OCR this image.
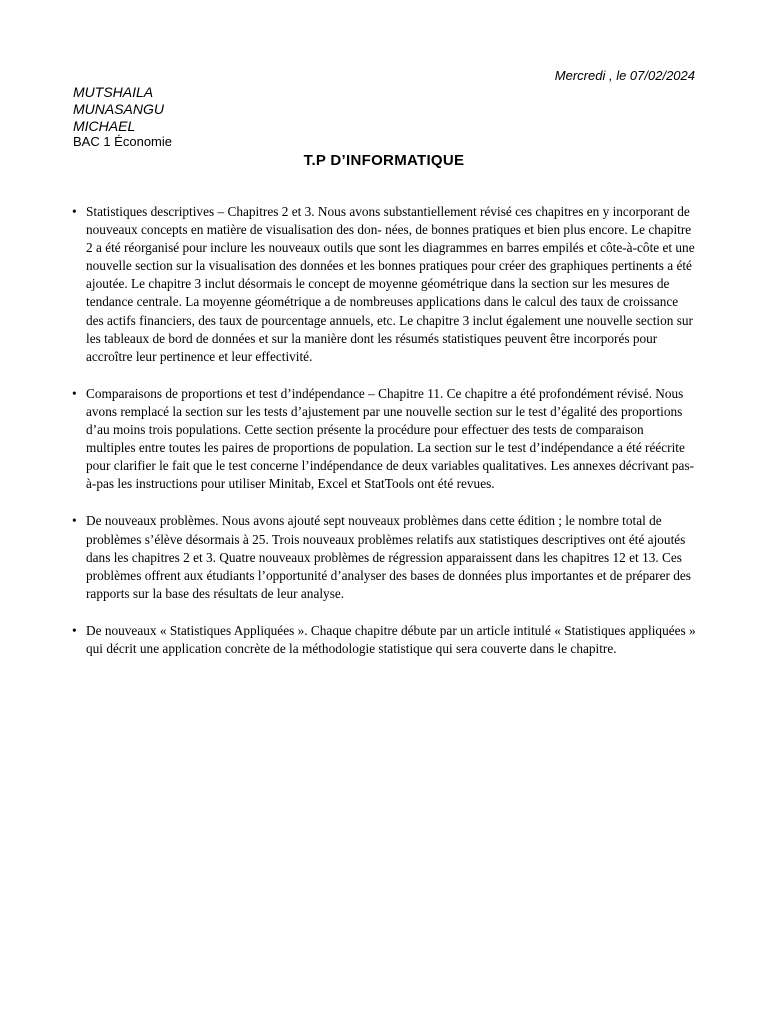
Mercredi , le 07/02/2024

MUTSHAILA
MUNASANGU
MICHAEL

BAC 1 Économie

T.P D’INFORMATIQUE
• Statistiques descriptives – Chapitres 2 et 3. Nous avons substantiellement révisé ces chapitres en y incorporant de nouveaux concepts en matière de visualisation des don- nées, de bonnes pratiques et bien plus encore. Le chapitre 2 a été réorganisé pour inclure les nouveaux outils que sont les diagrammes en barres empilés et côte-à-côte et une nouvelle section sur la visualisation des données et les bonnes pratiques pour créer des graphiques pertinents a été ajoutée. Le chapitre 3 inclut désormais le concept de moyenne géométrique dans la section sur les mesures de tendance centrale. La moyenne géométrique a de nombreuses applications dans le calcul des taux de croissance des actifs financiers, des taux de pourcentage annuels, etc. Le chapitre 3 inclut également une nouvelle section sur les tableaux de bord de données et sur la manière dont les résumés statistiques peuvent être incorporés pour accroître leur pertinence et leur effectivité.
• Comparaisons de proportions et test d’indépendance – Chapitre 11. Ce chapitre a été profondément révisé. Nous avons remplacé la section sur les tests d’ajustement par une nouvelle section sur le test d’égalité des proportions d’au moins trois populations. Cette section présente la procédure pour effectuer des tests de comparaison multiples entre toutes les paires de proportions de population. La section sur le test d’indépendance a été réécrite pour clarifier le fait que le test concerne l’indépendance de deux variables qualitatives. Les annexes décrivant pas-à-pas les instructions pour utiliser Minitab, Excel et StatTools ont été revues.
• De nouveaux problèmes. Nous avons ajouté sept nouveaux problèmes dans cette édition ; le nombre total de problèmes s’élève désormais à 25. Trois nouveaux problèmes relatifs aux statistiques descriptives ont été ajoutés dans les chapitres 2 et 3. Quatre nouveaux problèmes de régression apparaissent dans les chapitres 12 et 13. Ces problèmes offrent aux étudiants l’opportunité d’analyser des bases de données plus importantes et de préparer des rapports sur la base des résultats de leur analyse.
• De nouveaux « Statistiques Appliquées ». Chaque chapitre débute par un article intitulé « Statistiques appliquées » qui décrit une application concrète de la méthodologie statistique qui sera couverte dans le chapitre.
